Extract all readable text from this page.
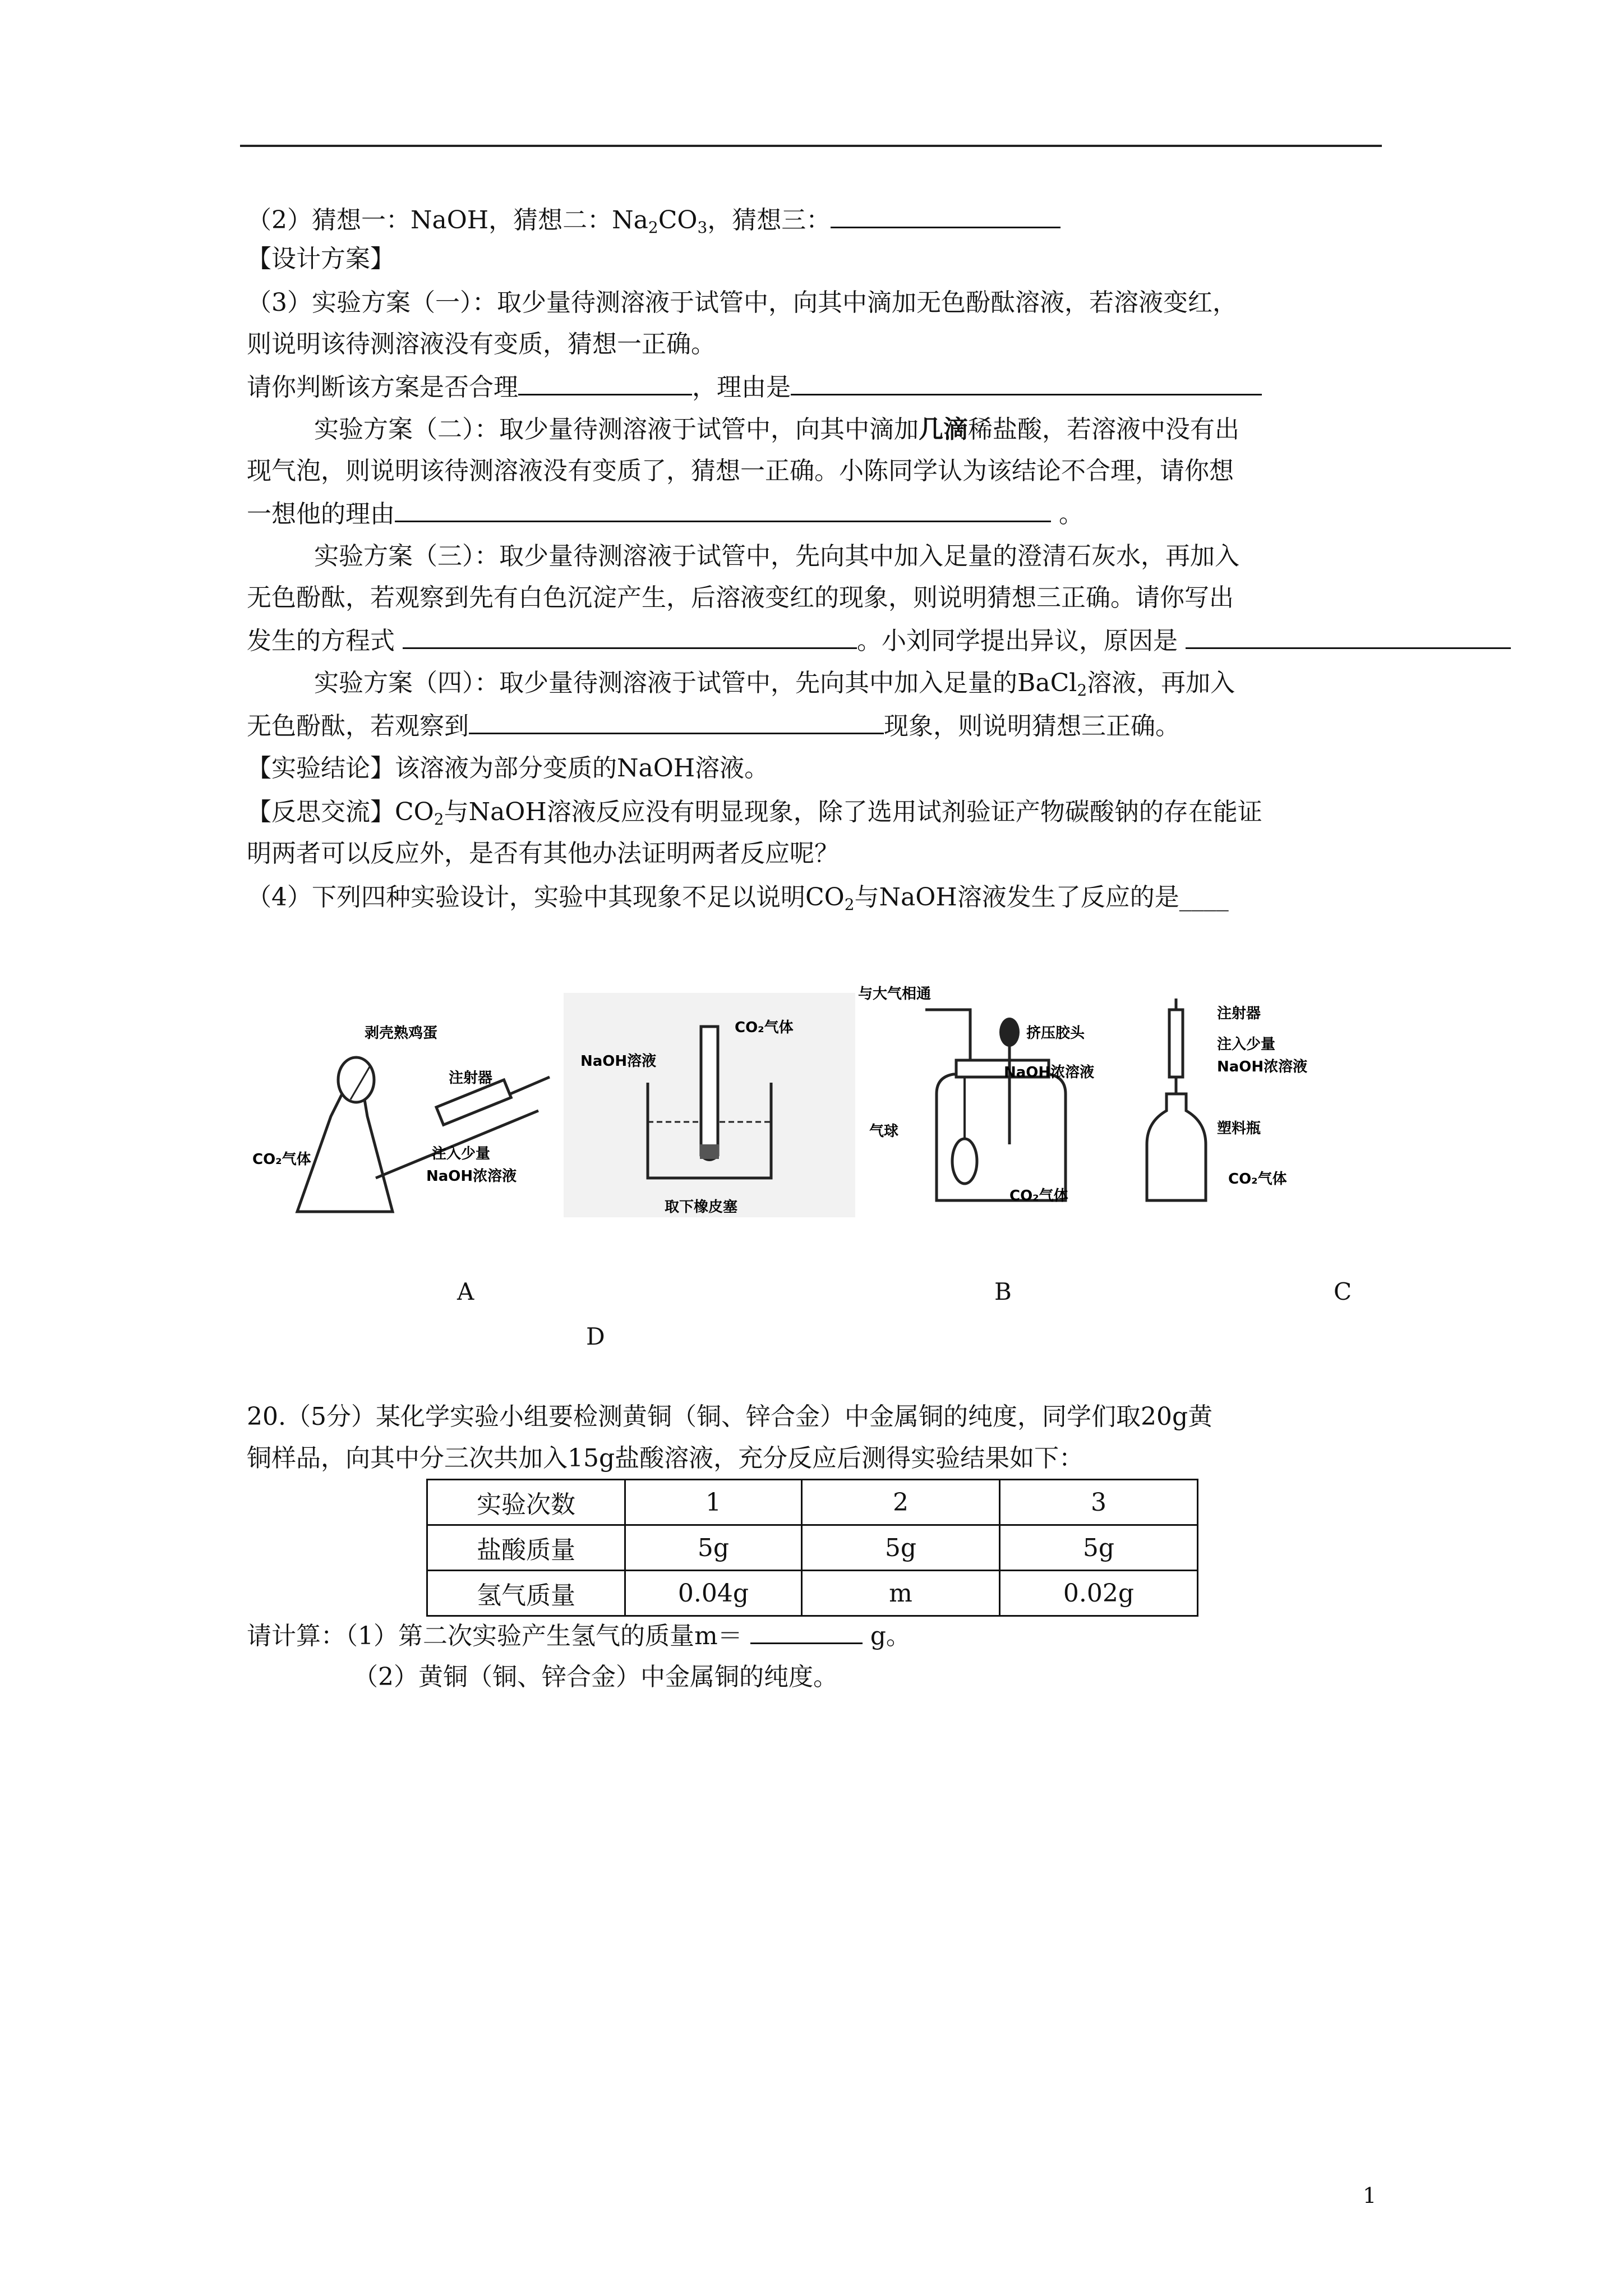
（2）猜想一：NaOH，猜想二：$Na_2CO_3$，猜想三：
【设计方案】
（3）实验方案（一）：取少量待测溶液于试管中，向其中滴加无色酚酞溶液，若溶液变红，
则说明该待测溶液没有变质，猜想一正确。
请你判断该方案是否合理	，理由是
实验方案（二）：取少量待测溶液于试管中，向其中滴加几滴稀盐酸，若溶液中没有出
现气泡，则说明该待测溶液没有变质了，猜想一正确。小陈同学认为该结论不合理，请你想
一想他的理由	。
实验方案（三）：取少量待测溶液于试管中，先向其中加入足量的澄清石灰水，再加入
无色酚酞，若观察到先有白色沉淀产生，后溶液变红的现象，则说明猜想三正确。请你写出
发生的方程式	。小刘同学提出异议，原因是
实验方案（四）：取少量待测溶液于试管中，先向其中加入足量的BaCl$_2$溶液，再加入
无色酚酞，若观察到	现象，则说明猜想三正确。
【实验结论】该溶液为部分变质的NaOH溶液。
【反思交流】$CO_2$与NaOH溶液反应没有明显现象，除了选用试剂验证产物碳酸钠的存在能证
明两者可以反应外，是否有其他办法证明两者反应呢？
（4）下列四种实验设计，实验中其现象不足以说明$CO_2$与NaOH溶液发生了反应的是____
剥壳熟鸡蛋
注射器
CO₂气体	注入少量
NaOH浓溶液
NaOH溶液
CO₂气体
取下橡皮塞
与大气相通
挤压胶头
NaOH浓溶液
气球
CO₂气体
注射器
注入少量
NaOH浓溶液
塑料瓶
CO₂气体
A	B	C
D
20.（5分）某化学实验小组要检测黄铜（铜、锌合金）中金属铜的纯度，同学们取20g黄
铜样品，向其中分三次共加入15g盐酸溶液，充分反应后测得实验结果如下：
实验次数	1	2	3
盐酸质量	5g	5g	5g
氢气质量	0.04g	m	0.02g
请计算：（1）第二次实验产生氢气的质量m＝	g。
（2）黄铜（铜、锌合金）中金属铜的纯度。
1
